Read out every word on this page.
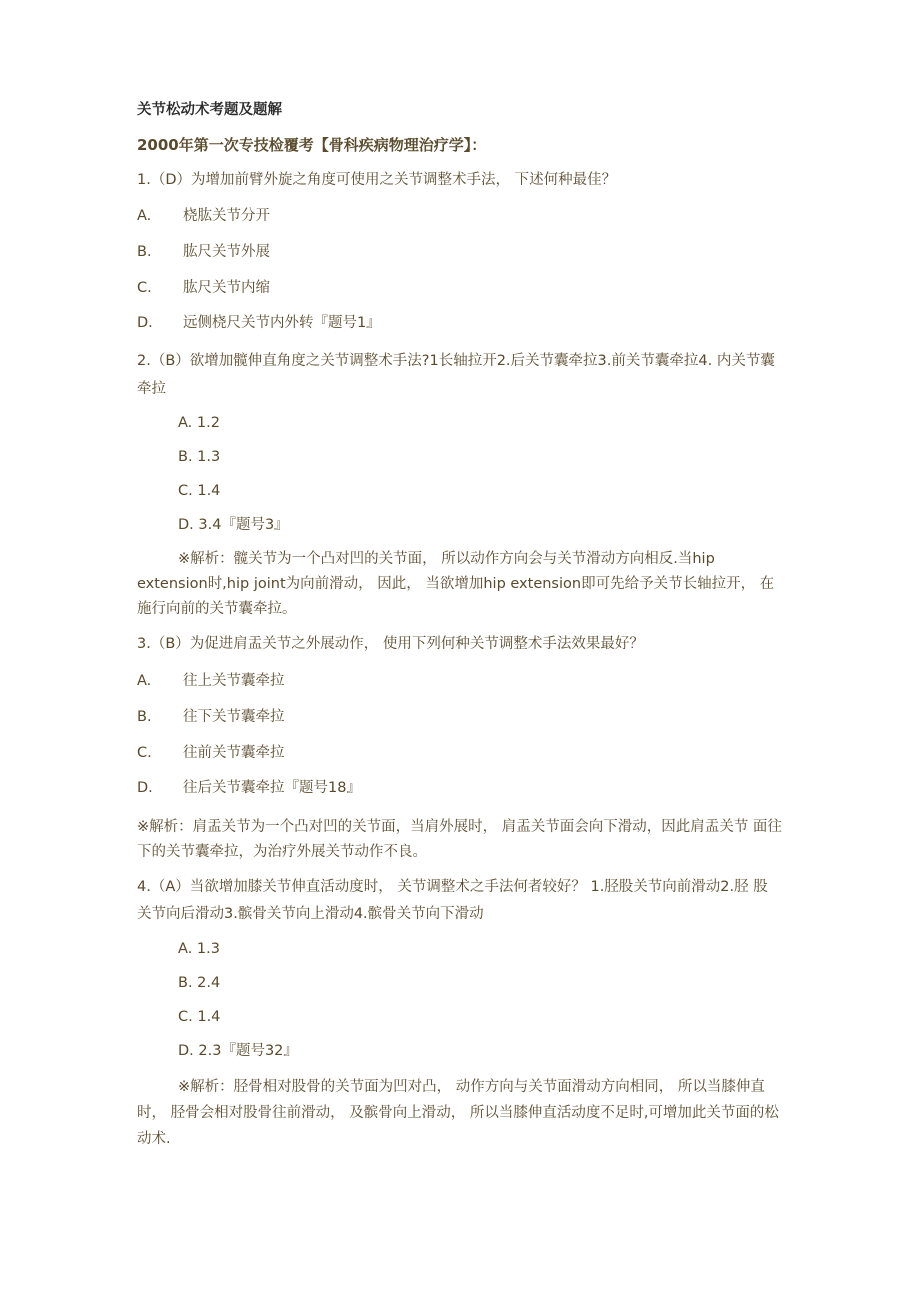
关节松动术考题及题解
2000年第一次专技检覆考【骨科疾病物理治疗学】：
1.（D）为增加前臂外旋之角度可使用之关节调整术手法， 下述何种最佳？
A. 桡肱关节分开
B. 肱尺关节外展
C. 肱尺关节内缩
D. 远侧桡尺关节内外转『题号1』
2.（B）欲增加髋伸直角度之关节调整术手法?1长轴拉开2.后关节囊牵拉3.前关节囊牵拉4. 内关节囊牵拉
A. 1.2
B. 1.3
C. 1.4
D. 3.4『题号3』
※解析：髋关节为一个凸对凹的关节面， 所以动作方向会与关节滑动方向相反.当hip extension时,hip joint为向前滑动， 因此， 当欲增加hip extension即可先给予关节长轴拉开， 在施行向前的关节囊牵拉。
3.（B）为促进肩盂关节之外展动作， 使用下列何种关节调整术手法效果最好？
A. 往上关节囊牵拉
B. 往下关节囊牵拉
C. 往前关节囊牵拉
D. 往后关节囊牵拉『题号18』
※解析：肩盂关节为一个凸对凹的关节面，当肩外展时， 肩盂关节面会向下滑动，因此肩盂关节 面往下的关节囊牵拉，为治疗外展关节动作不良。
4.（A）当欲增加膝关节伸直活动度时， 关节调整术之手法何者较好？ 1.胫股关节向前滑动2.胫 股关节向后滑动3.髌骨关节向上滑动4.髌骨关节向下滑动
A. 1.3
B. 2.4
C. 1.4
D. 2.3『题号32』
※解析：胫骨相对股骨的关节面为凹对凸， 动作方向与关节面滑动方向相同， 所以当膝伸直 时， 胫骨会相对股骨往前滑动， 及髌骨向上滑动， 所以当膝伸直活动度不足时,可增加此关节面的松 动术.
